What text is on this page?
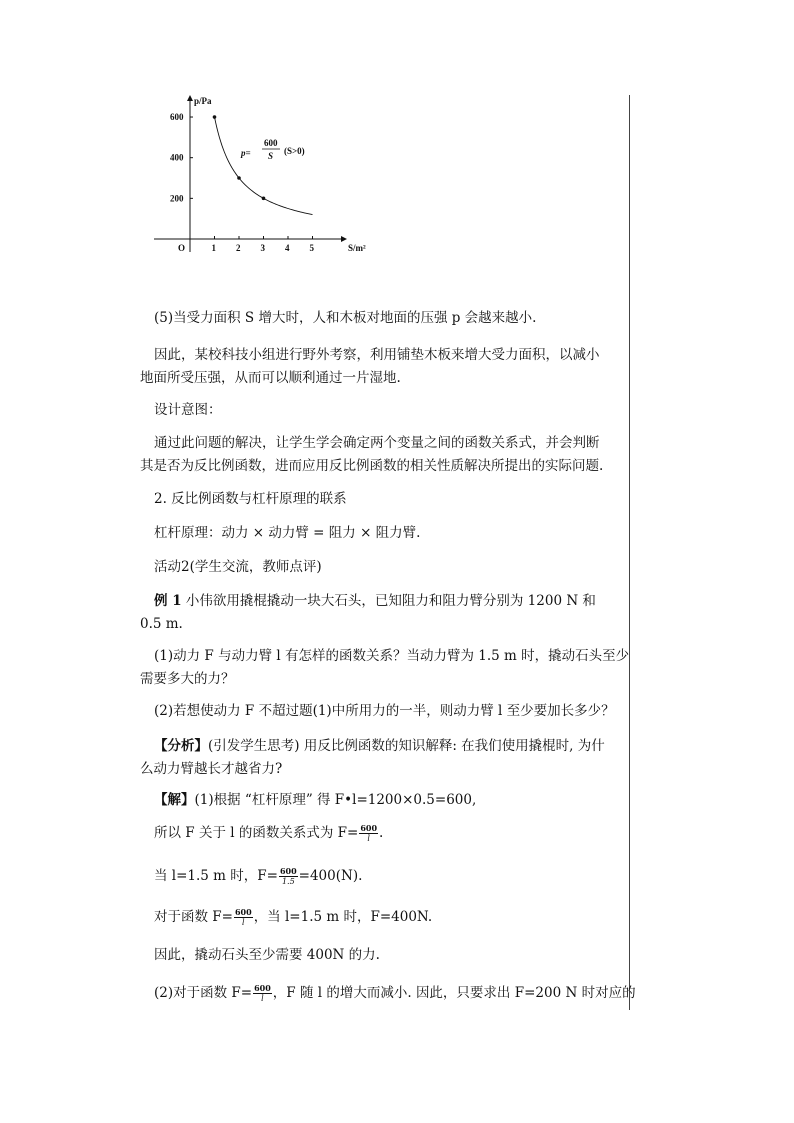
p/Pa
S/m²
O	1 2 3 4 5
200
400
600
p=
600
S (S>0)
(5)当受力面积 S 增大时，人和木板对地面的压强 p 会越来越小.
因此，某校科技小组进行野外考察，利用铺垫木板来增大受力面积，以减小
地面所受压强，从而可以顺利通过一片湿地.
设计意图：
通过此问题的解决，让学生学会确定两个变量之间的函数关系式，并会判断
其是否为反比例函数，进而应用反比例函数的相关性质解决所提出的实际问题.
2. 反比例函数与杠杆原理的联系
杠杆原理：动力 × 动力臂 = 阻力 × 阻力臂.
活动2(学生交流，教师点评)
例 1 小伟欲用撬棍撬动一块大石头，已知阻力和阻力臂分别为 1200 N 和
0.5 m.
(1)动力 F 与动力臂 l 有怎样的函数关系？当动力臂为 1.5 m 时，撬动石头至少
需要多大的力？
(2)若想使动力 F 不超过题(1)中所用力的一半，则动力臂 l 至少要加长多少？
【分析】(引发学生思考) 用反比例函数的知识解释: 在我们使用撬棍时, 为什
么动力臂越长才越省力?
【解】(1)根据 “杠杆原理” 得 F•l=1200×0.5=600,
所以 F 关于 l 的函数关系式为 $F= \frac{600}{l}$ .
当 l=1.5 m 时，$F= \frac{600}{1.5} =400(N)$.
对于函数 $F= \frac{600}{l}$ ，当 l=1.5 m 时，F=400N.
因此，撬动石头至少需要 400N 的力.
(2)对于函数 $F= \frac{600}{l}$ ，F 随 l 的增大而减小. 因此，只要求出 F=200 N 时对应的
